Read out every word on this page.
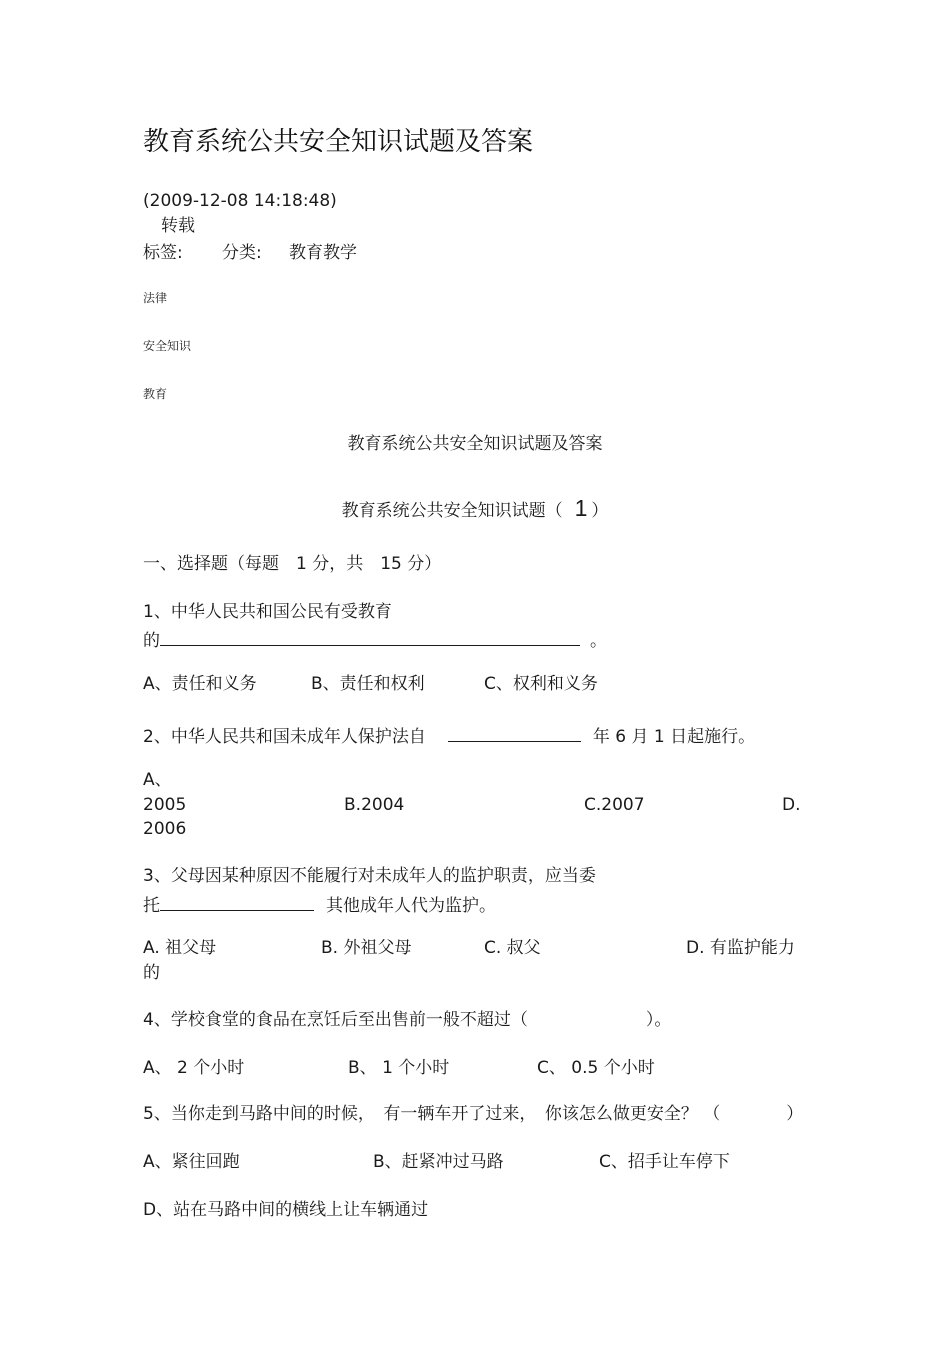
教育系统公共安全知识试题及答案
(2009-12-08 14:18:48)
转载
标签: 分类: 教育教学
法律
安全知识
教育
教育系统公共安全知识试题及答案
教育系统公共安全知识试题（ 1 ）
一、选择题（每题　1 分，共　15 分）
1、中华人民共和国公民有受教育
的	。
A、责任和义务	B、责任和权利	C、权利和义务
2、中华人民共和国未成年人保护法自	年 6 月 1 日起施行。
A、
2005	B.2004	C.2007	D.
2006
3、父母因某种原因不能履行对未成年人的监护职责，应当委
托	其他成年人代为监护。
A. 祖父母	B. 外祖父母	C. 叔父	D. 有监护能力
的
4、学校食堂的食品在烹饪后至出售前一般不超过（	）。
A、 2 个小时	B、 1 个小时	C、 0.5 个小时
5、当你走到马路中间的时候，　有一辆车开了过来，　你该怎么做更安全？ （	）
A、紧往回跑	B、赶紧冲过马路	C、招手让车停下
D、站在马路中间的横线上让车辆通过
